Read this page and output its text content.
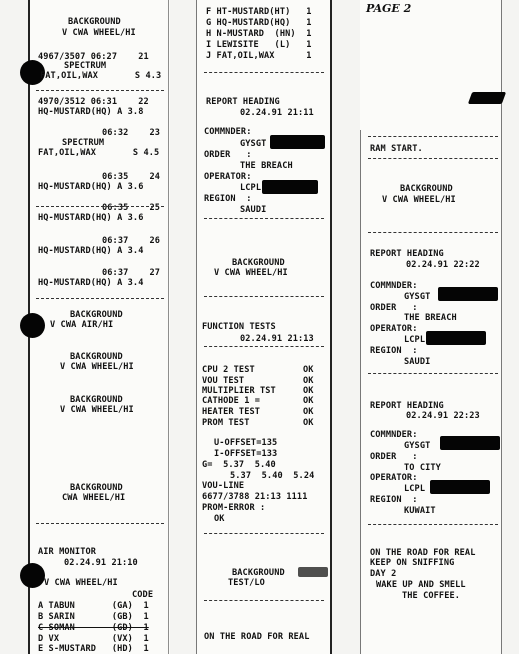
PAGE 2
BACKGROUND
V CWA WHEEL/HI
4967/3507 06:27    21
SPECTRUM
FAT,OIL,WAX       S 4.3
4970/3512 06:31    22
HQ-MUSTARD(HQ) A 3.8
06:32    23
SPECTRUM
FAT,OIL,WAX       S 4.5
06:35    24
HQ-MUSTARD(HQ) A 3.6
06:35    25
HQ-MUSTARD(HQ) A 3.6
06:37    26
HQ-MUSTARD(HQ) A 3.4
06:37    27
HQ-MUSTARD(HQ) A 3.4
BACKGROUND
V CWA AIR/HI
BACKGROUND
V CWA WHEEL/HI
BACKGROUND
V CWA WHEEL/HI
BACKGROUND
CWA WHEEL/HI
AIR MONITOR
02.24.91 21:10
V CWA WHEEL/HI
CODE
A TABUN       (GA)  1
B SARIN       (GB)  1
C SOMAN       (GD)  1
D VX          (VX)  1
E S-MUSTARD   (HD)  1
F HT-MUSTARD(HT)   1
G HQ-MUSTARD(HQ)   1
H N-MUSTARD  (HN)  1
I LEWISITE   (L)   1
J FAT,OIL,WAX      1
REPORT HEADING
02.24.91 21:11
COMMNDER:
GYSGT
ORDER   :
THE BREACH
OPERATOR:
LCPL
REGION  :
SAUDI
BACKGROUND
V CWA WHEEL/HI
FUNCTION TESTS
02.24.91 21:13
CPU 2 TEST	OK
VOU TEST	OK
MULTIPLIER TST	OK
CATHODE 1 =	OK
HEATER TEST	OK
PROM TEST	OK
U-OFFSET=135
I-OFFSET=133
G=  5.37  5.40
5.37  5.40  5.24
VOU-LINE
6677/3788 21:13 1111
PROM-ERROR :
OK
BACKGROUND
TEST/LO
ON THE ROAD FOR REAL
RAM START.
BACKGROUND
V CWA WHEEL/HI
REPORT HEADING
02.24.91 22:22
COMMNDER:
GYSGT
ORDER   :
THE BREACH
OPERATOR:
LCPL
REGION  :
SAUDI
REPORT HEADING
02.24.91 22:23
COMMNDER:
GYSGT
ORDER   :
TO CITY
OPERATOR:
LCPL
REGION  :
KUWAIT
ON THE ROAD FOR REAL
KEEP ON SNIFFING
DAY 2
WAKE UP AND SMELL
THE COFFEE.
